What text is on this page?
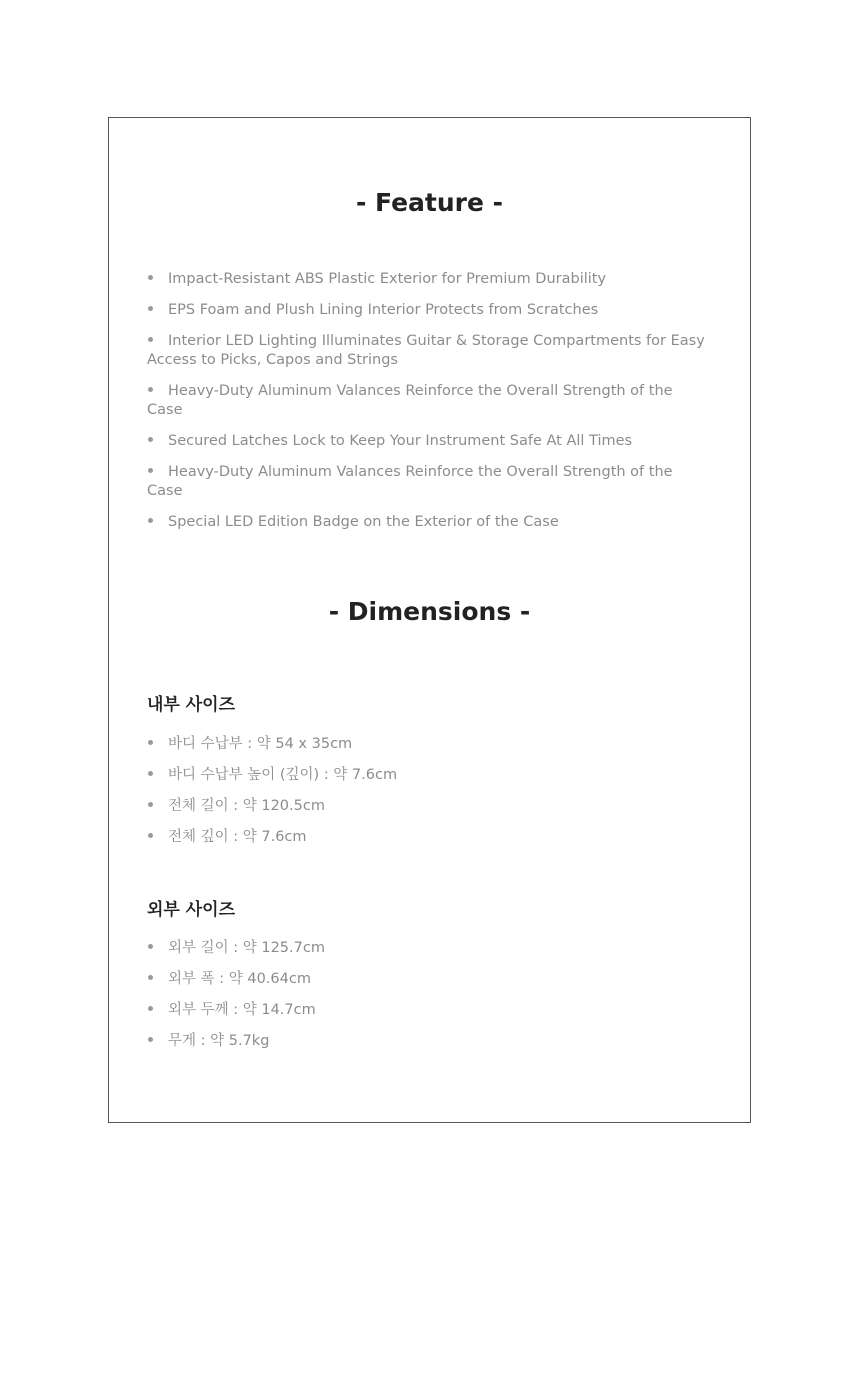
- Feature -
Impact-Resistant ABS Plastic Exterior for Premium Durability
EPS Foam and Plush Lining Interior Protects from Scratches
Interior LED Lighting Illuminates Guitar & Storage Compartments for Easy Access to Picks, Capos and Strings
Heavy-Duty Aluminum Valances Reinforce the Overall Strength of the Case
Secured Latches Lock to Keep Your Instrument Safe At All Times
Heavy-Duty Aluminum Valances Reinforce the Overall Strength of the Case
Special LED Edition Badge on the Exterior of the Case
- Dimensions -
내부 사이즈
바디 수납부 : 약 54 x 35cm
바디 수납부 높이 (깊이) : 약 7.6cm
전체 길이 : 약 120.5cm
전체 깊이 : 약 7.6cm
외부 사이즈
외부 길이 : 약 125.7cm
외부 폭 : 약 40.64cm
외부 두께 : 약 14.7cm
무게 : 약 5.7kg
